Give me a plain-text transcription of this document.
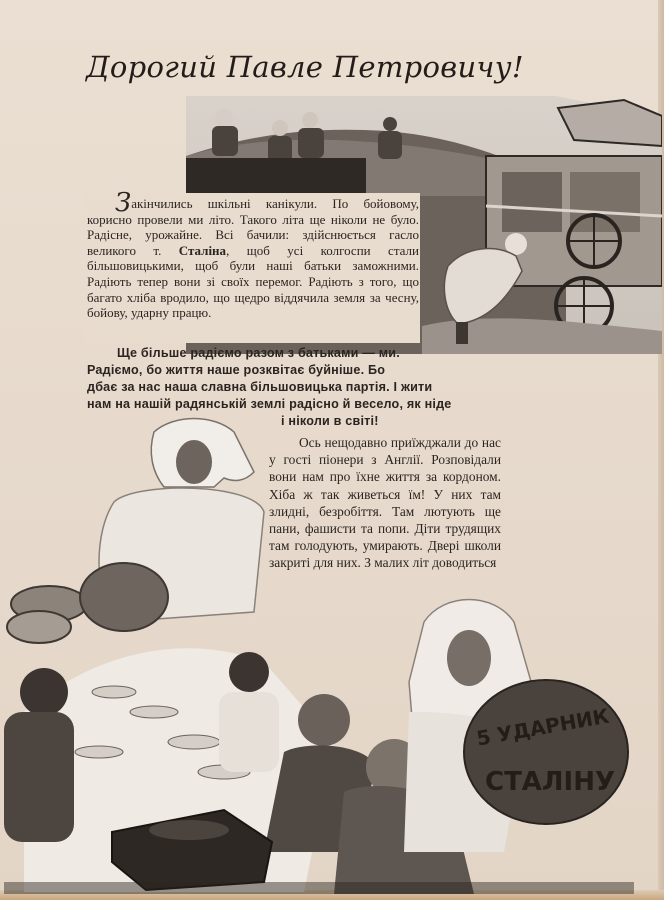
Дорогий Павле Петровичу!

Закінчились шкільні канікули. По бойовому, корисно провели ми літо. Такого літа ще ніколи не було. Радісне, урожайне. Всі бачили: здійснюється гасло великого т. Сталіна, щоб усі колгоспи стали більшовицькими, щоб були наші батьки заможними. Радіють тепер вони зі своїх перемог. Радіють з того, що багато хліба вродило, що щедро віддячила земля за чесну, бойову, ударну працю.

5 УДАРНИК
СТАЛІНУ
Ще більше радіємо разом з батьками — ми.
Радіємо, бо життя наше розквітає буйніше. Бо
дбає за нас наша славна більшовицька партія. І жити
нам на нашій радянській землі радісно й весело, як ніде
і ніколи в світі!

Ось нещодавно приїжджали до нас у гості піонери з Англії. Розповідали вони нам про їхне життя за кордоном. Хіба ж так живеться їм! У них там злидні, безробіття. Там лютують ще пани, фашисти та попи. Діти трудящих там голодують, умирають. Двері школи закриті для них. З малих літ доводиться
